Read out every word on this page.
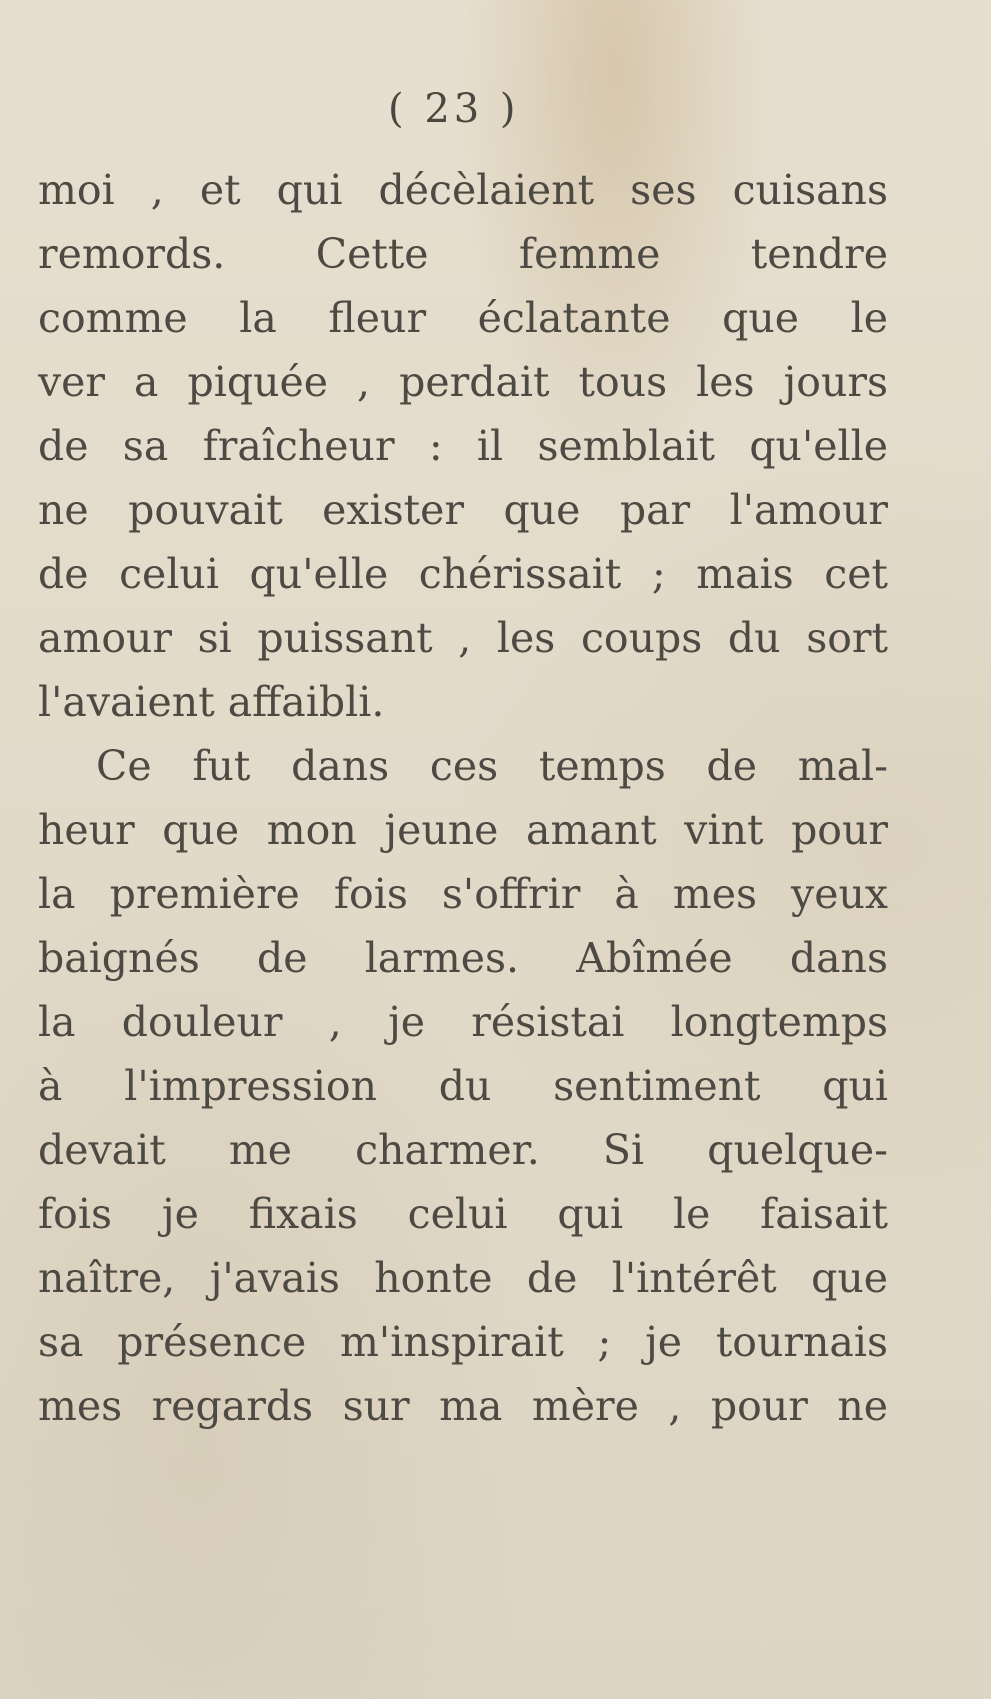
( 23 )
moi , et qui décèlaient ses cuisans
remords. Cette femme tendre
comme la fleur éclatante que le
ver a piquée , perdait tous les jours
de sa fraîcheur : il semblait qu'elle
ne pouvait exister que par l'amour
de celui qu'elle chérissait ; mais cet
amour si puissant , les coups du sort
l'avaient affaibli.
Ce fut dans ces temps de mal-
heur que mon jeune amant vint pour
la première fois s'offrir à mes yeux
baignés de larmes. Abîmée dans
la douleur , je résistai longtemps
à l'impression du sentiment qui
devait me charmer. Si quelque-
fois je fixais celui qui le faisait
naître, j'avais honte de l'intérêt que
sa présence m'inspirait ; je tournais
mes regards sur ma mère , pour ne
